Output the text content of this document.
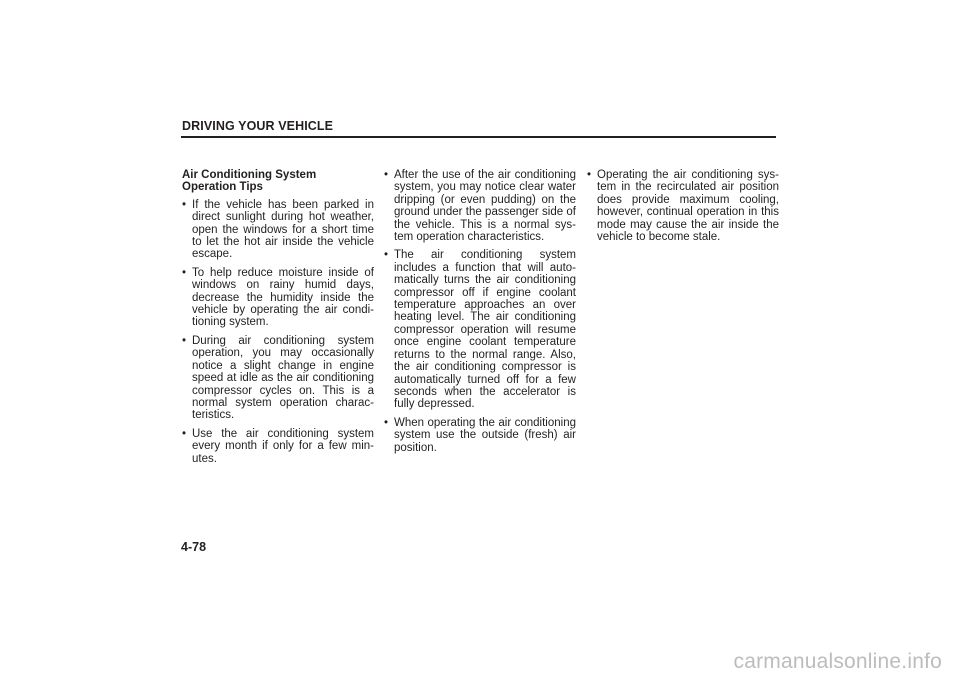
DRIVING YOUR VEHICLE
Air Conditioning System
Operation Tips
• If the vehicle has been parked in direct sunlight during hot weather, open the windows for a short time to let the hot air inside the vehicle escape.
• To help reduce moisture inside of windows on rainy humid days, decrease the humidity inside the vehicle by operating the air condi-tioning system.
• During air conditioning system operation, you may occasionally notice a slight change in engine speed at idle as the air conditioning compressor cycles on. This is a normal system operation charac-teristics.
• Use the air conditioning system every month if only for a few min-utes.
• After the use of the air conditioning system, you may notice clear water dripping (or even pudding) on the ground under the passenger side of the vehicle. This is a normal sys-tem operation characteristics.
• The air conditioning system includes a function that will auto-matically turns the air conditioning compressor off if engine coolant temperature approaches an over heating level. The air conditioning compressor operation will resume once engine coolant temperature returns to the normal range. Also, the air conditioning compressor is automatically turned off for a few seconds when the accelerator is fully depressed.
• When operating the air conditioning system use the outside (fresh) air position.
• Operating the air conditioning sys-tem in the recirculated air position does provide maximum cooling, however, continual operation in this mode may cause the air inside the vehicle to become stale.
4-78
carmanualsonline.info
